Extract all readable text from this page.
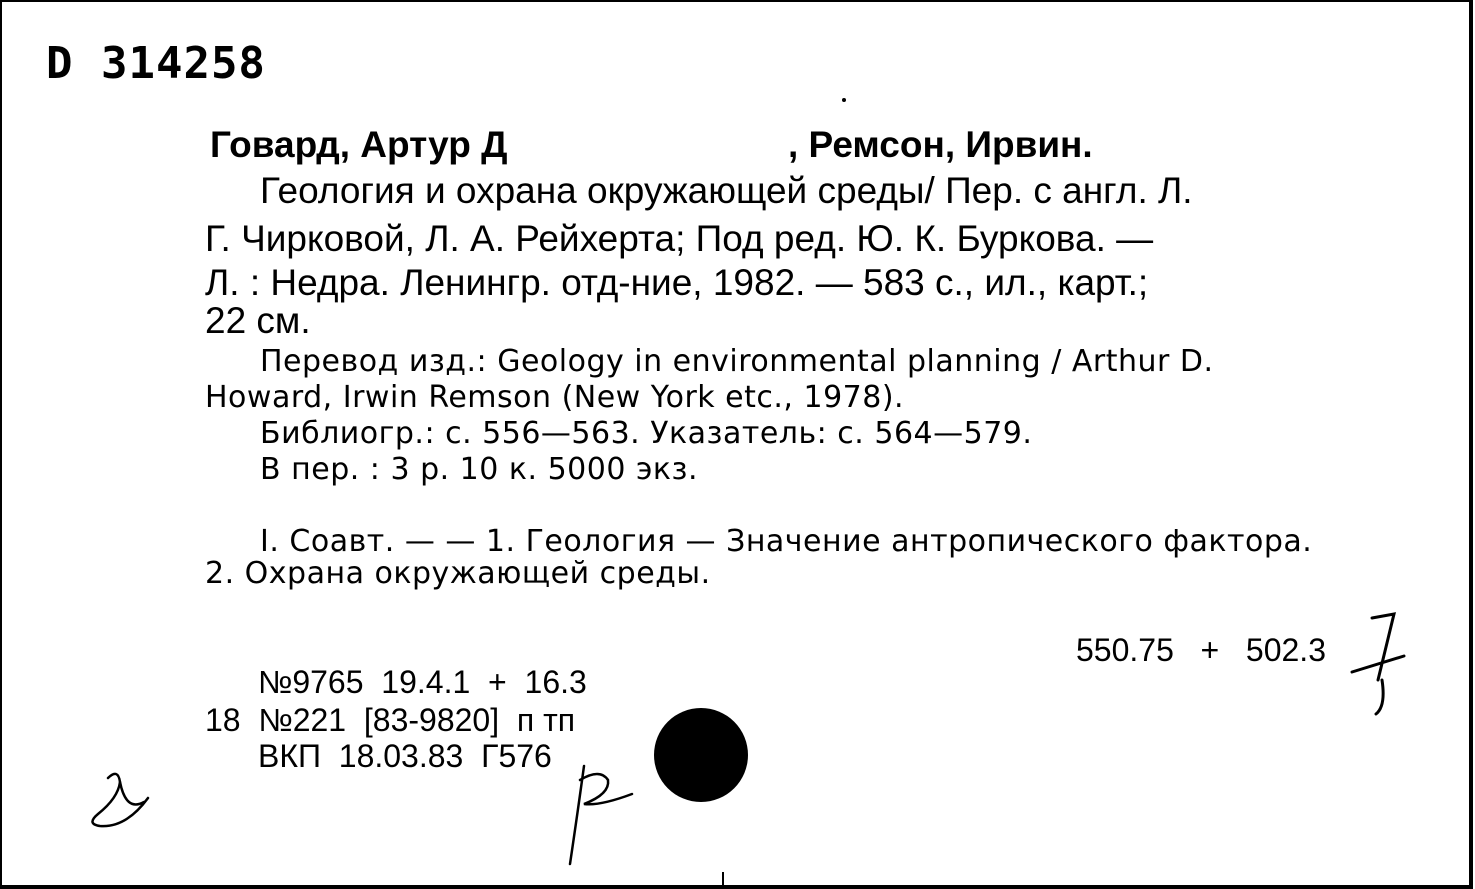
D 314258
Говард, Артур Д	, Ремсон, Ирвин.
Геология и охрана окружающей среды/ Пер. с англ. Л.
Г. Чирковой, Л. А. Рейхерта; Под ред. Ю. К. Буркова. —
Л. : Недра. Ленингр. отд-ние, 1982. — 583 с., ил., карт.;
22 см.
Перевод изд.: Geology in environmental planning / Arthur D.
Howard, Irwin Remson (New York etc., 1978).
Библиогр.: с. 556—563. Указатель: с. 564—579.
В пер. : 3 р. 10 к. 5000 экз.
I. Соавт. — — 1. Геология — Значение антропического фактора.
2. Охрана окружающей среды.
550.75   +   502.3
№9765  19.4.1  +  16.3
18  №221  [83-9820]  п тп
ВКП  18.03.83  Г576
